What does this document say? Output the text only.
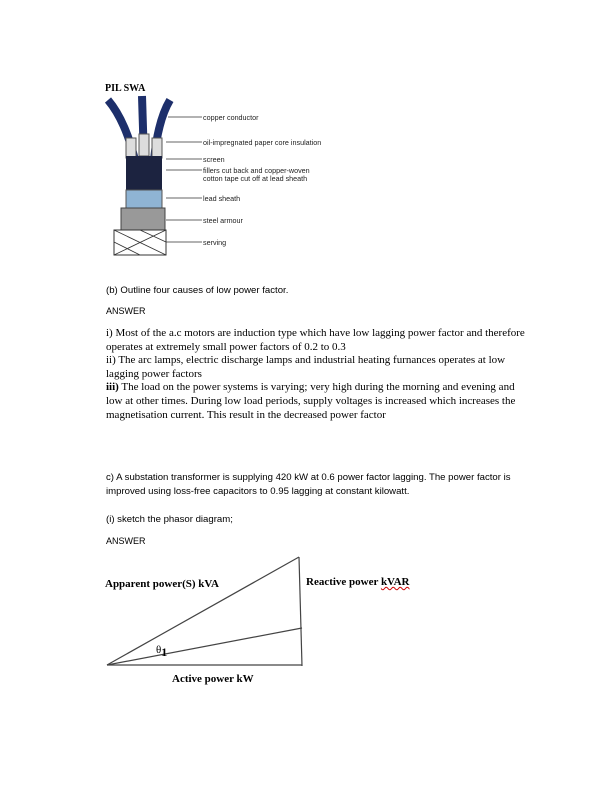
PIL SWA
copper conductor
oil-impregnated paper core insulation
screen
fillers cut back and copper-woven
cotton tape cut off at lead sheath
lead sheath
steel armour
serving
(b) Outline four causes of low power factor.
ANSWER
i) Most of the a.c motors are induction type which have low lagging power factor and therefore operates at extremely small power factors of 0.2 to 0.3
ii) The arc lamps, electric discharge lamps and industrial heating furnances operates at low lagging power factors
iii) The load on the power systems is varying; very high during the morning and evening and low at other times. During low load periods, supply voltages is increased which increases the magnetisation current. This result in the decreased power factor
c) A substation transformer is supplying 420 kW at 0.6 power factor lagging. The power factor is improved using loss-free capacitors to 0.95 lagging at constant kilowatt.
(i) sketch the phasor diagram;
ANSWER
Apparent power(S) kVA	Reactive power kVAR
θ1
Active power kW
